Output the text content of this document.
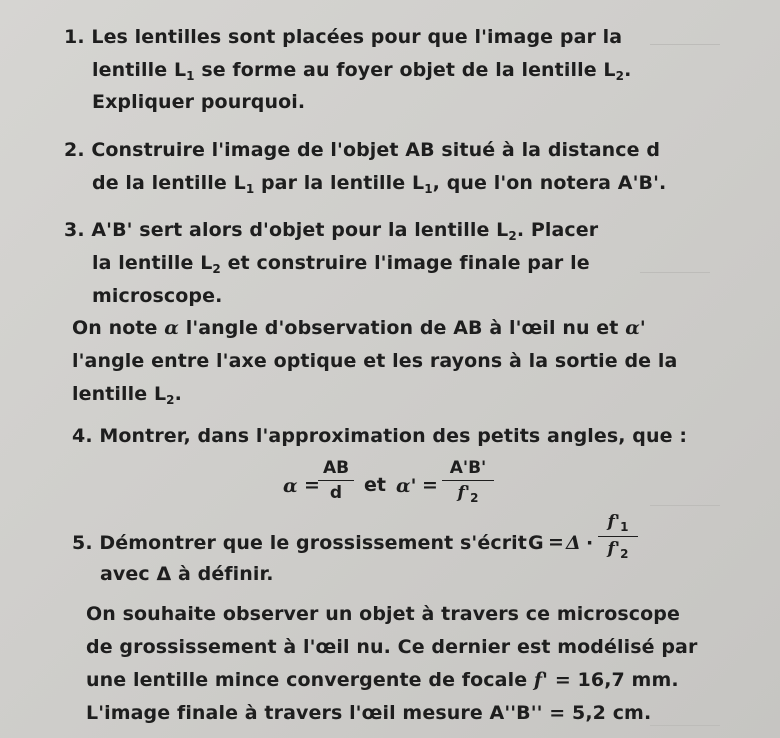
1. Les lentilles sont placées pour que l'image par la
lentille $L_1$ se forme au foyer objet de la lentille $L_2$.
Expliquer pourquoi.
2. Construire l'image de l'objet AB situé à la distance d
de la lentille $L_1$ par la lentille $L_1$, que l'on notera A'B'.
3. A'B' sert alors d'objet pour la lentille $L_2$. Placer
la lentille $L_2$ et construire l'image finale par le
microscope.
On note α l'angle d'observation de AB à l'œil nu et α'
l'angle entre l'axe optique et les rayons à la sortie de la
lentille $L_2$.
4. Montrer, dans l'approximation des petits angles, que :
α =
AB
d	et α' =
A'B'
$f'_2$
5. Démontrer que le grossissement s'écrit G = Δ ·
$f'_1$
$f'_2$
avec Δ à définir.
On souhaite observer un objet à travers ce microscope
de grossissement à l'œil nu. Ce dernier est modélisé par
une lentille mince convergente de focale f' = 16,7 mm.
L'image finale à travers l'œil mesure A''B'' = 5,2 cm.
